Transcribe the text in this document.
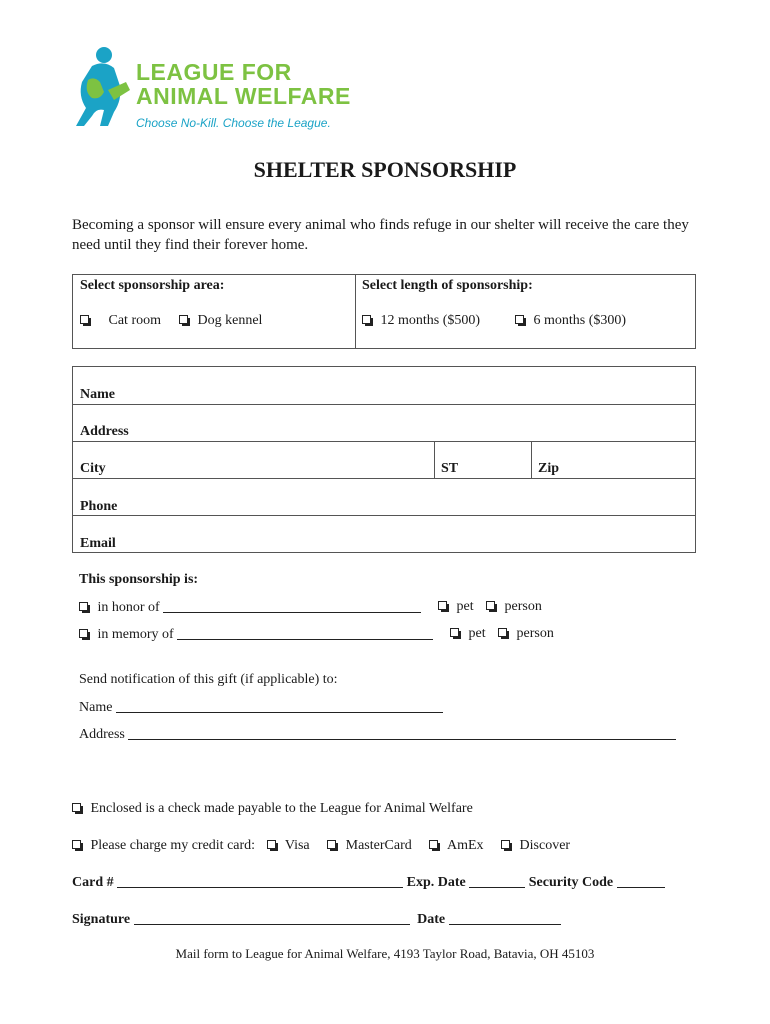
LEAGUE FOR
ANIMAL WELFARE
Choose No-Kill. Choose the League.
SHELTER SPONSORSHIP
Becoming a sponsor will ensure every animal who finds refuge in our shelter will receive the care they need until they find their forever home.
Select sponsorship area:
Cat room	Dog kennel
Select length of sponsorship:
12 months ($500)	6 months ($300)
Name
Address
City	ST	Zip
Phone
Email
This sponsorship is:
in honor of	pet	person
in memory of	pet	person
Send notification of this gift (if applicable) to:
Name
Address
Enclosed is a check made payable to the League for Animal Welfare
Please charge my credit card: Visa	MasterCard	AmEx	Discover
Card #	Exp. Date	Security Code
Signature	Date
Mail form to League for Animal Welfare, 4193 Taylor Road, Batavia, OH 45103
